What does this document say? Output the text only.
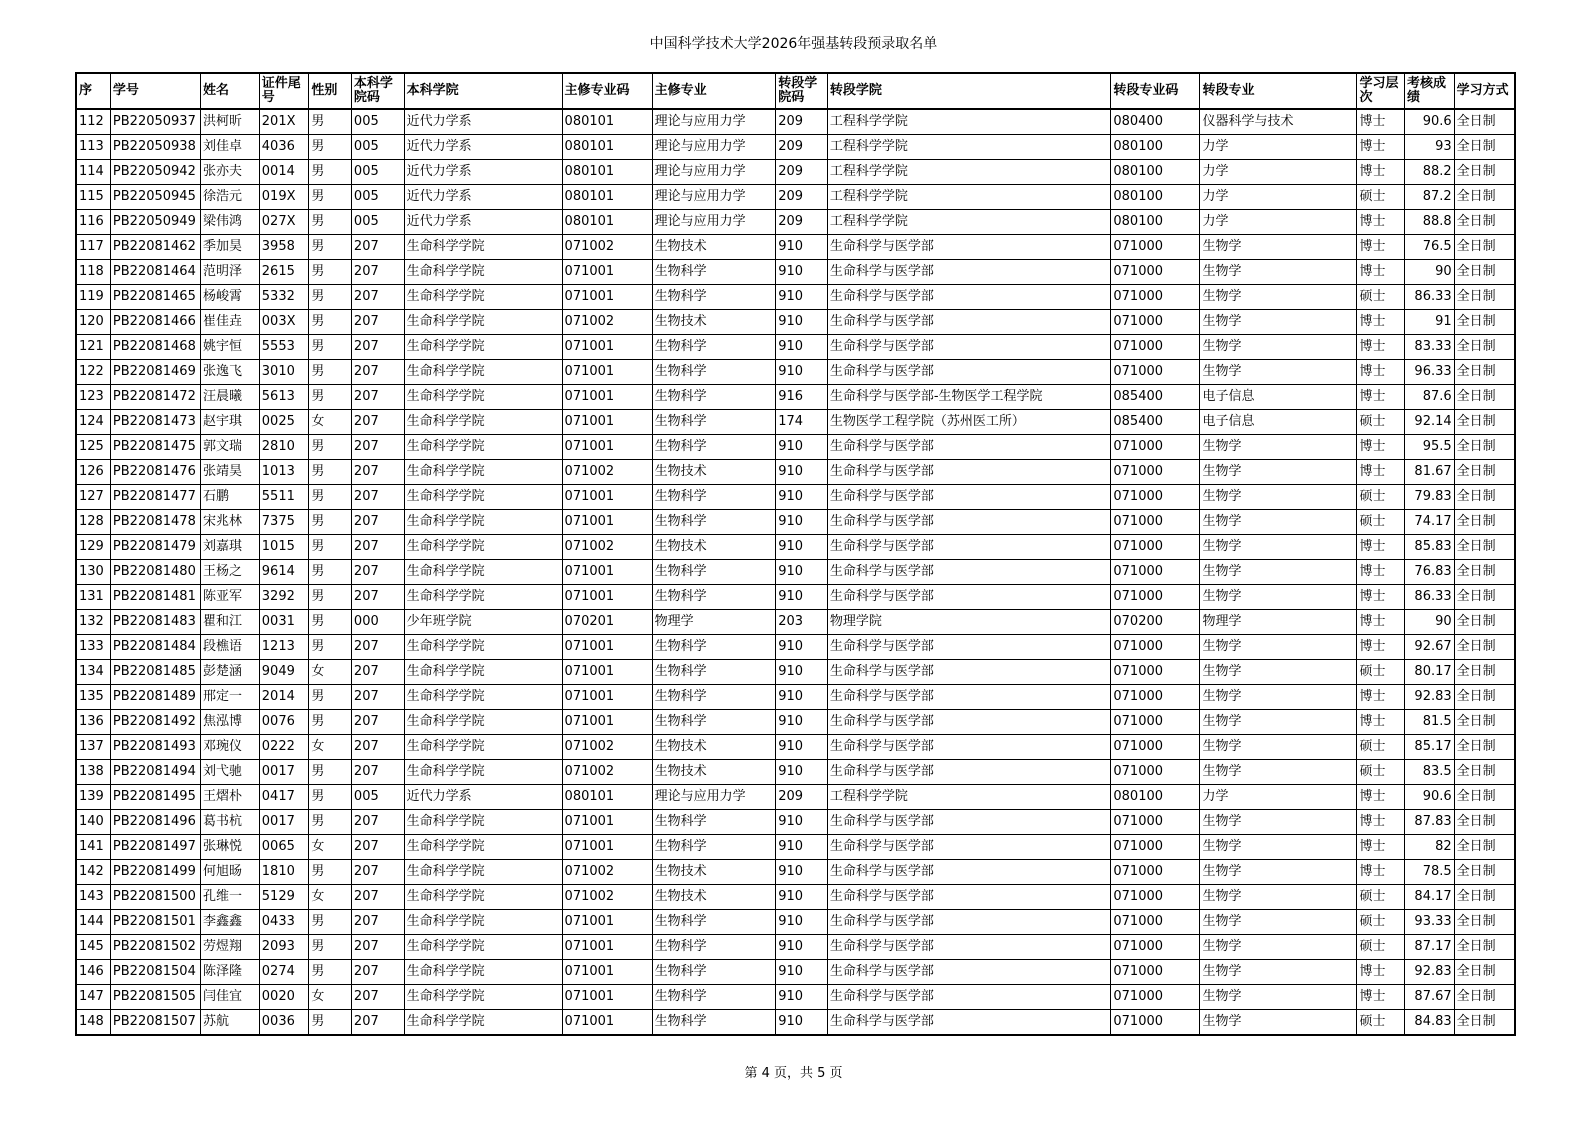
中国科学技术大学2026年强基转段预录取名单
序	学号	姓名	证件尾号	性别	本科学院码	本科学院	主修专业码	主修专业	转段学院码	转段学院	转段专业码	转段专业	学习层次	考核成绩	学习方式
112	PB22050937	洪柯昕	201X	男	005	近代力学系	080101	理论与应用力学	209	工程科学学院	080400	仪器科学与技术	博士	90.6	全日制
113	PB22050938	刘佳卓	4036	男	005	近代力学系	080101	理论与应用力学	209	工程科学学院	080100	力学	博士	93	全日制
114	PB22050942	张亦夫	0014	男	005	近代力学系	080101	理论与应用力学	209	工程科学学院	080100	力学	博士	88.2	全日制
115	PB22050945	徐浩元	019X	男	005	近代力学系	080101	理论与应用力学	209	工程科学学院	080100	力学	硕士	87.2	全日制
116	PB22050949	梁伟鸿	027X	男	005	近代力学系	080101	理论与应用力学	209	工程科学学院	080100	力学	博士	88.8	全日制
117	PB22081462	季加昊	3958	男	207	生命科学学院	071002	生物技术	910	生命科学与医学部	071000	生物学	博士	76.5	全日制
118	PB22081464	范明泽	2615	男	207	生命科学学院	071001	生物科学	910	生命科学与医学部	071000	生物学	博士	90	全日制
119	PB22081465	杨峻霄	5332	男	207	生命科学学院	071001	生物科学	910	生命科学与医学部	071000	生物学	硕士	86.33	全日制
120	PB22081466	崔佳垚	003X	男	207	生命科学学院	071002	生物技术	910	生命科学与医学部	071000	生物学	博士	91	全日制
121	PB22081468	姚宇恒	5553	男	207	生命科学学院	071001	生物科学	910	生命科学与医学部	071000	生物学	博士	83.33	全日制
122	PB22081469	张逸飞	3010	男	207	生命科学学院	071001	生物科学	910	生命科学与医学部	071000	生物学	博士	96.33	全日制
123	PB22081472	汪晨曦	5613	男	207	生命科学学院	071001	生物科学	916	生命科学与医学部-生物医学工程学院	085400	电子信息	博士	87.6	全日制
124	PB22081473	赵宇琪	0025	女	207	生命科学学院	071001	生物科学	174	生物医学工程学院（苏州医工所）	085400	电子信息	硕士	92.14	全日制
125	PB22081475	郭文瑞	2810	男	207	生命科学学院	071001	生物科学	910	生命科学与医学部	071000	生物学	博士	95.5	全日制
126	PB22081476	张靖昊	1013	男	207	生命科学学院	071002	生物技术	910	生命科学与医学部	071000	生物学	博士	81.67	全日制
127	PB22081477	石鹏	5511	男	207	生命科学学院	071001	生物科学	910	生命科学与医学部	071000	生物学	硕士	79.83	全日制
128	PB22081478	宋兆林	7375	男	207	生命科学学院	071001	生物科学	910	生命科学与医学部	071000	生物学	硕士	74.17	全日制
129	PB22081479	刘嘉琪	1015	男	207	生命科学学院	071002	生物技术	910	生命科学与医学部	071000	生物学	博士	85.83	全日制
130	PB22081480	王杨之	9614	男	207	生命科学学院	071001	生物科学	910	生命科学与医学部	071000	生物学	博士	76.83	全日制
131	PB22081481	陈亚军	3292	男	207	生命科学学院	071001	生物科学	910	生命科学与医学部	071000	生物学	博士	86.33	全日制
132	PB22081483	瞿和江	0031	男	000	少年班学院	070201	物理学	203	物理学院	070200	物理学	博士	90	全日制
133	PB22081484	段樵语	1213	男	207	生命科学学院	071001	生物科学	910	生命科学与医学部	071000	生物学	博士	92.67	全日制
134	PB22081485	彭楚涵	9049	女	207	生命科学学院	071001	生物科学	910	生命科学与医学部	071000	生物学	硕士	80.17	全日制
135	PB22081489	邢定一	2014	男	207	生命科学学院	071001	生物科学	910	生命科学与医学部	071000	生物学	博士	92.83	全日制
136	PB22081492	焦泓博	0076	男	207	生命科学学院	071001	生物科学	910	生命科学与医学部	071000	生物学	博士	81.5	全日制
137	PB22081493	邓琬仪	0222	女	207	生命科学学院	071002	生物技术	910	生命科学与医学部	071000	生物学	硕士	85.17	全日制
138	PB22081494	刘弋驰	0017	男	207	生命科学学院	071002	生物技术	910	生命科学与医学部	071000	生物学	硕士	83.5	全日制
139	PB22081495	王熠朴	0417	男	005	近代力学系	080101	理论与应用力学	209	工程科学学院	080100	力学	博士	90.6	全日制
140	PB22081496	葛书杭	0017	男	207	生命科学学院	071001	生物科学	910	生命科学与医学部	071000	生物学	博士	87.83	全日制
141	PB22081497	张琳悦	0065	女	207	生命科学学院	071001	生物科学	910	生命科学与医学部	071000	生物学	博士	82	全日制
142	PB22081499	何旭旸	1810	男	207	生命科学学院	071002	生物技术	910	生命科学与医学部	071000	生物学	博士	78.5	全日制
143	PB22081500	孔维一	5129	女	207	生命科学学院	071002	生物技术	910	生命科学与医学部	071000	生物学	硕士	84.17	全日制
144	PB22081501	李鑫鑫	0433	男	207	生命科学学院	071001	生物科学	910	生命科学与医学部	071000	生物学	硕士	93.33	全日制
145	PB22081502	劳煜翔	2093	男	207	生命科学学院	071001	生物科学	910	生命科学与医学部	071000	生物学	硕士	87.17	全日制
146	PB22081504	陈泽隆	0274	男	207	生命科学学院	071001	生物科学	910	生命科学与医学部	071000	生物学	博士	92.83	全日制
147	PB22081505	闫佳宜	0020	女	207	生命科学学院	071001	生物科学	910	生命科学与医学部	071000	生物学	博士	87.67	全日制
148	PB22081507	苏航	0036	男	207	生命科学学院	071001	生物科学	910	生命科学与医学部	071000	生物学	硕士	84.83	全日制
第 4 页，共 5 页
